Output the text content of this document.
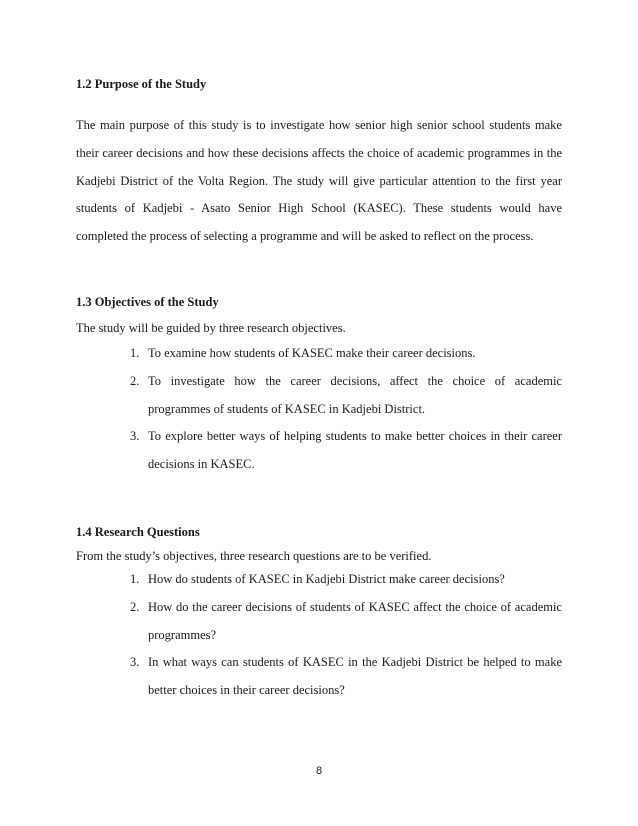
1.2 Purpose of the Study
The main purpose of this study is to investigate how senior high senior school students make their career decisions and how these decisions affects the choice of academic programmes in the Kadjebi District of the Volta Region. The study will give particular attention to the first year students of Kadjebi - Asato Senior High School (KASEC). These students would have completed the process of selecting a programme and will be asked to reflect on the process.
1.3 Objectives of the Study
The study will be guided by three research objectives.
1. To examine how students of KASEC make their career decisions.
2. To investigate how the career decisions, affect the choice of academic programmes of students of KASEC in Kadjebi District.
3. To explore better ways of helping students to make better choices in their career decisions in KASEC.
1.4 Research Questions
From the study’s objectives, three research questions are to be verified.
1. How do students of KASEC in Kadjebi District make career decisions?
2. How do the career decisions of students of KASEC affect the choice of academic programmes?
3. In what ways can students of KASEC in the Kadjebi District be helped to make better choices in their career decisions?
8
